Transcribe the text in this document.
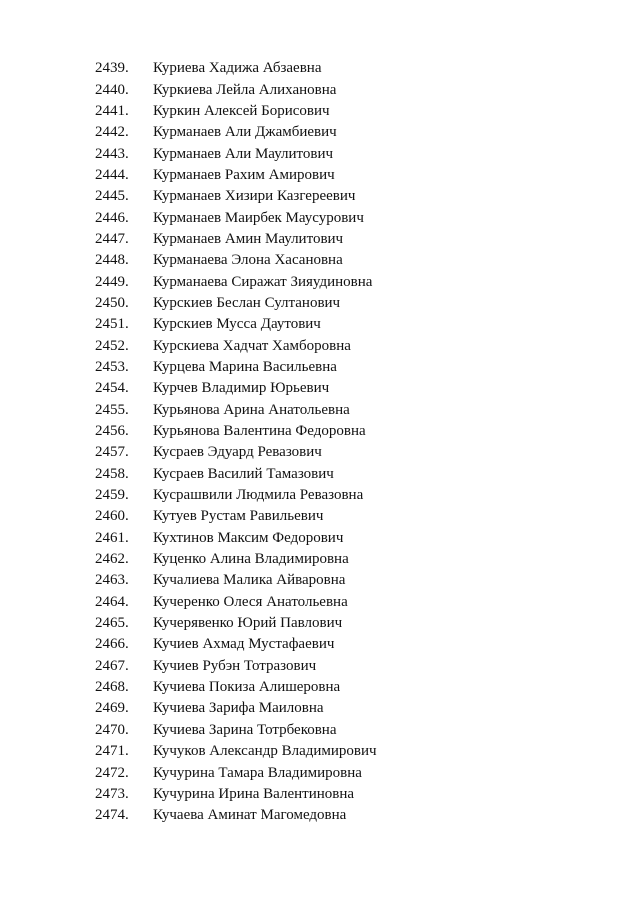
2439.	Куриева Хадижа Абзаевна
2440.	Куркиева Лейла Алихановна
2441.	Куркин Алексей Борисович
2442.	Курманаев Али Джамбиевич
2443.	Курманаев Али Маулитович
2444.	Курманаев Рахим Амирович
2445.	Курманаев Хизири Казгереевич
2446.	Курманаев Маирбек Маусурович
2447.	Курманаев Амин Маулитович
2448.	Курманаева Элона Хасановна
2449.	Курманаева Сиражат Зияудиновна
2450.	Курскиев Беслан Султанович
2451.	Курскиев Мусса Даутович
2452.	Курскиева Хадчат Хамборовна
2453.	Курцева Марина Васильевна
2454.	Курчев Владимир Юрьевич
2455.	Курьянова Арина Анатольевна
2456.	Курьянова Валентина Федоровна
2457.	Кусраев Эдуард Ревазович
2458.	Кусраев Василий Тамазович
2459.	Кусрашвили Людмила Ревазовна
2460.	Кутуев Рустам Равильевич
2461.	Кухтинов Максим Федорович
2462.	Куценко Алина Владимировна
2463.	Кучалиева Малика Айваровна
2464.	Кучеренко Олеся Анатольевна
2465.	Кучерявенко Юрий Павлович
2466.	Кучиев Ахмад Мустафаевич
2467.	Кучиев Рубэн Тотразович
2468.	Кучиева Покиза Алишеровна
2469.	Кучиева Зарифа Маиловна
2470.	Кучиева Зарина Тотрбековна
2471.	Кучуков Александр Владимирович
2472.	Кучурина Тамара Владимировна
2473.	Кучурина Ирина Валентиновна
2474.	Кучаева Аминат Магомедовна
